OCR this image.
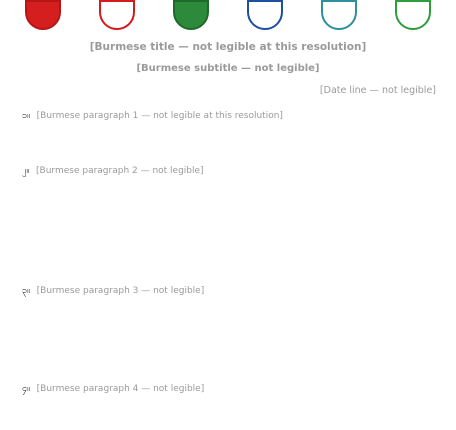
[Burmese title — not legible at this resolution]
[Burmese subtitle — not legible]
[Date line — not legible]
၁။ [Burmese paragraph 1 — not legible at this resolution]
၂။ [Burmese paragraph 2 — not legible]
၃။ [Burmese paragraph 3 — not legible]
၄။ [Burmese paragraph 4 — not legible]
